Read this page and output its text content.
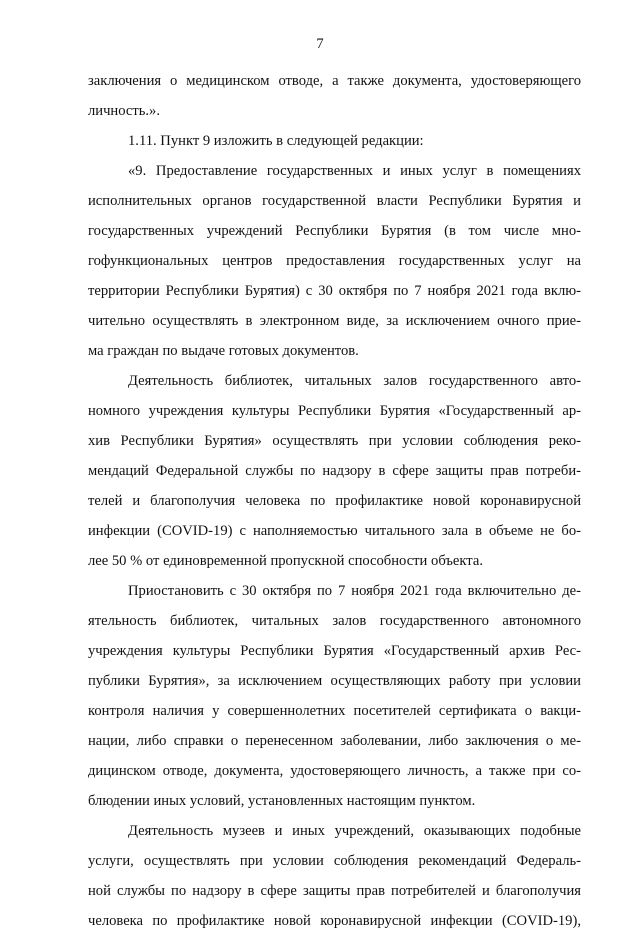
7
заключения о медицинском отводе, а также документа, удостоверяющего
личность.».
1.11. Пункт 9 изложить в следующей редакции:
«9. Предоставление государственных и иных услуг в помещениях
исполнительных органов государственной власти Республики Бурятия и
государственных учреждений Республики Бурятия (в том числе мно-
гофункциональных центров предоставления государственных услуг на
территории Республики Бурятия) с 30 октября по 7 ноября 2021 года вклю-
чительно осуществлять в электронном виде, за исключением очного прие-
ма граждан по выдаче готовых документов.
Деятельность библиотек, читальных залов государственного авто-
номного учреждения культуры Республики Бурятия «Государственный ар-
хив Республики Бурятия» осуществлять при условии соблюдения реко-
мендаций Федеральной службы по надзору в сфере защиты прав потреби-
телей и благополучия человека по профилактике новой коронавирусной
инфекции (COVID-19) с наполняемостью читального зала в объеме не бо-
лее 50 % от единовременной пропускной способности объекта.
Приостановить с 30 октября по 7 ноября 2021 года включительно де-
ятельность библиотек, читальных залов государственного автономного
учреждения культуры Республики Бурятия «Государственный архив Рес-
публики Бурятия», за исключением осуществляющих работу при условии
контроля наличия у совершеннолетних посетителей сертификата о вакци-
нации, либо справки о перенесенном заболевании, либо заключения о ме-
дицинском отводе, документа, удостоверяющего личность, а также при со-
блюдении иных условий, установленных настоящим пунктом.
Деятельность музеев и иных учреждений, оказывающих подобные
услуги, осуществлять при условии соблюдения рекомендаций Федераль-
ной службы по надзору в сфере защиты прав потребителей и благополучия
человека по профилактике новой коронавирусной инфекции (COVID-19),
